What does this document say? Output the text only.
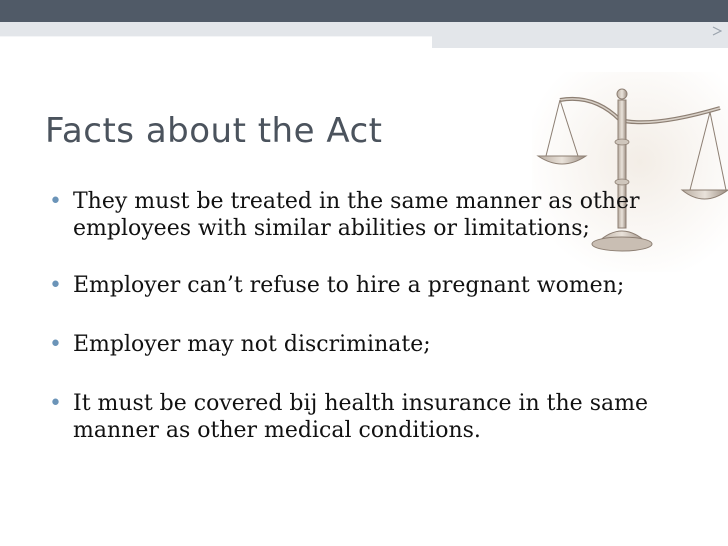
Facts about the Act
• They must be treated in the same manner as other employees with similar abilities or limitations;
• Employer can’t refuse to hire a pregnant women;
• Employer may not discriminate;
• It must be covered bij health insurance in the same manner as other medical conditions.
